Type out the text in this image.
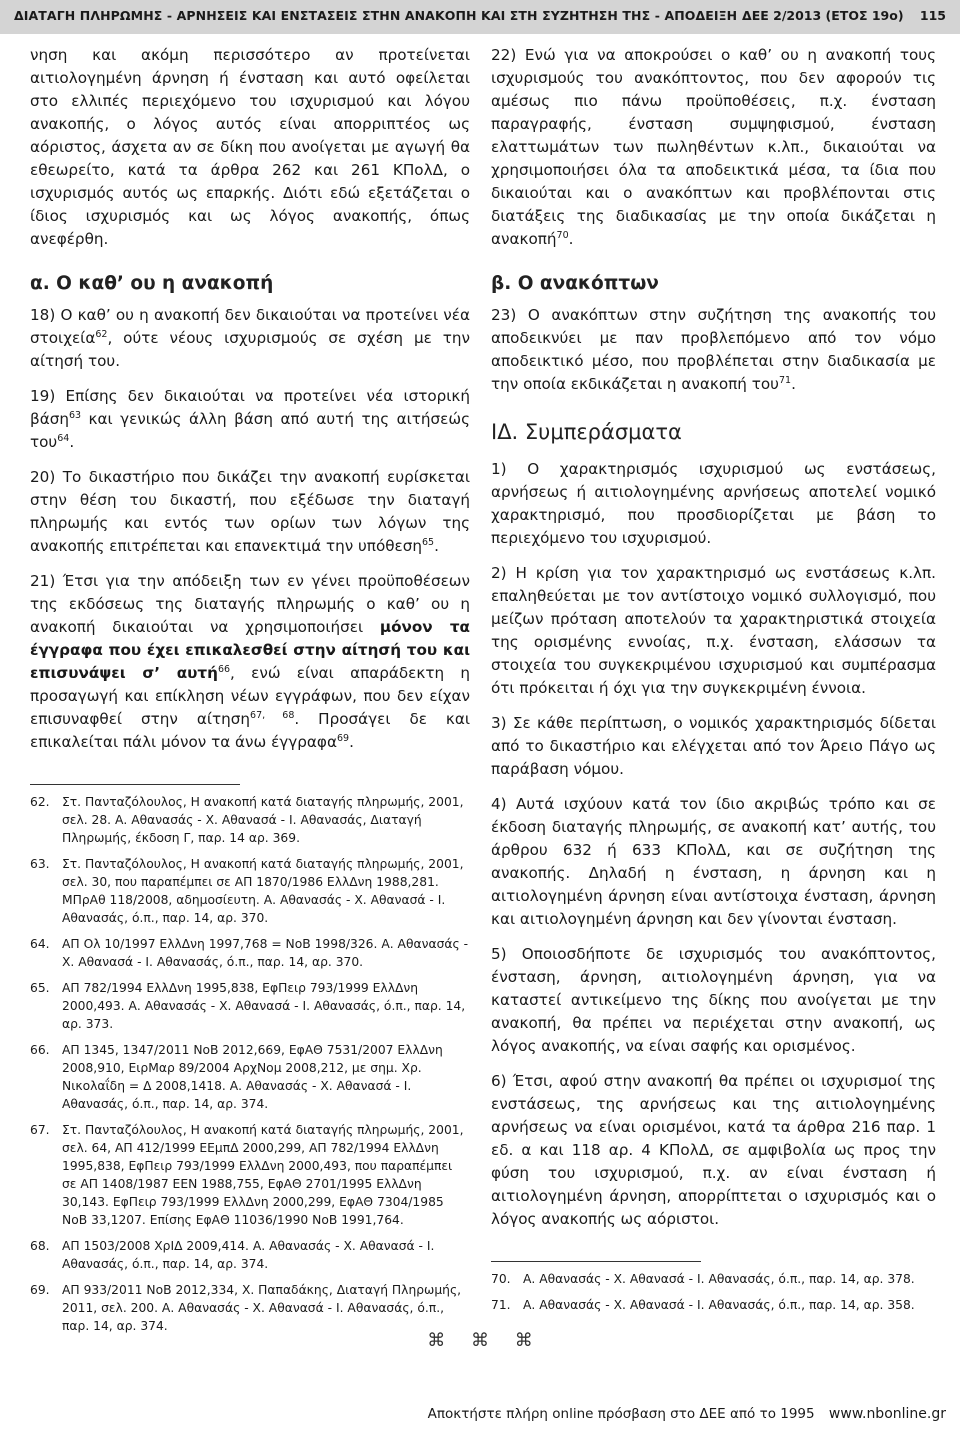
ΔΙΑΤΑΓΗ ΠΛΗΡΩΜΗΣ - ΑΡΝΗΣΕΙΣ ΚΑΙ ΕΝΣΤΑΣΕΙΣ ΣΤΗΝ ΑΝΑΚΟΠΗ ΚΑΙ ΣΤΗ ΣΥΖΗΤΗΣΗ ΤΗΣ - ΑΠΟΔΕΙΞΗ ΔΕΕ 2/2013 (ΕΤΟΣ 19ο) 115

νηση και ακόμη περισσότερο αν προτείνεται αιτιολογημένη άρνηση ή ένσταση και αυτό οφείλεται στο ελλιπές περιεχόμενο του ισχυρισμού και λόγου ανακοπής, ο λόγος αυτός είναι απορριπτέος ως αόριστος, άσχετα αν σε δίκη που ανοίγεται με αγωγή θα εθεωρείτο, κατά τα άρθρα 262 και 261 ΚΠολΔ, ο ισχυρισμός αυτός ως επαρκής. Διότι εδώ εξετάζεται ο ίδιος ισχυρισμός και ως λόγος ανακοπής, όπως ανεφέρθη.

α. Ο καθ’ ου η ανακοπή

18) Ο καθ’ ου η ανακοπή δεν δικαιούται να προτείνει νέα στοιχεία$^{62}$, ούτε νέους ισχυρισμούς σε σχέση με την αίτησή του.

19) Επίσης δεν δικαιούται να προτείνει νέα ιστορική βάση$^{63}$ και γενικώς άλλη βάση από αυτή της αιτήσεώς του$^{64}$.

20) Το δικαστήριο που δικάζει την ανακοπή ευρίσκεται στην θέση του δικαστή, που εξέδωσε την διαταγή πληρωμής και εντός των ορίων των λόγων της ανακοπής επιτρέπεται και επανεκτιμά την υπόθεση$^{65}$.

21) Έτσι για την απόδειξη των εν γένει προϋποθέσεων της εκδόσεως της διαταγής πληρωμής ο καθ’ ου η ανακοπή δικαιούται να χρησιμοποιήσει μόνον τα έγγραφα που έχει επικαλεσθεί στην αίτησή του και επισυνάψει σ’ αυτή$^{66}$, ενώ είναι απαράδεκτη η προσαγωγή και επίκληση νέων εγγράφων, που δεν είχαν επισυναφθεί στην αίτηση$^{67, 68}$. Προσάγει δε και επικαλείται πάλι μόνον τα άνω έγγραφα$^{69}$.

62. Στ. Πανταζόλουλος, Η ανακοπή κατά διαταγής πληρωμής, 2001, σελ. 28. Α. Αθανασάς - Χ. Αθανασά - Ι. Αθανασάς, Διαταγή Πληρωμής, έκδοση Γ, παρ. 14 αρ. 369.
63. Στ. Πανταζόλουλος, Η ανακοπή κατά διαταγής πληρωμής, 2001, σελ. 30, που παραπέμπει σε ΑΠ 1870/1986 ΕλλΔνη 1988,281. ΜΠρΑθ 118/2008, αδημοσίευτη. Α. Αθανασάς - Χ. Αθανασά - Ι. Αθανασάς, ό.π., παρ. 14, αρ. 370.
64. ΑΠ Ολ 10/1997 ΕλλΔνη 1997,768 = ΝοΒ 1998/326. Α. Αθανασάς - Χ. Αθανασά - Ι. Αθανασάς, ό.π., παρ. 14, αρ. 370.
65. ΑΠ 782/1994 ΕλλΔνη 1995,838, ΕφΠειρ 793/1999 ΕλλΔνη 2000,493. Α. Αθανασάς - Χ. Αθανασά - Ι. Αθανασάς, ό.π., παρ. 14, αρ. 373.
66. ΑΠ 1345, 1347/2011 ΝοΒ 2012,669, ΕφΑΘ 7531/2007 ΕλλΔνη 2008,910, ΕιρΜαρ 89/2004 ΑρχΝομ 2008,212, με σημ. Χρ. Νικολαΐδη = Δ 2008,1418. Α. Αθανασάς - Χ. Αθανασά - Ι. Αθανασάς, ό.π., παρ. 14, αρ. 374.
67. Στ. Πανταζόλουλος, Η ανακοπή κατά διαταγής πληρωμής, 2001, σελ. 64, ΑΠ 412/1999 ΕΕμπΔ 2000,299, ΑΠ 782/1994 ΕλλΔνη 1995,838, ΕφΠειρ 793/1999 ΕλλΔνη 2000,493, που παραπέμπει σε ΑΠ 1408/1987 ΕΕΝ 1988,755, ΕφΑΘ 2701/1995 ΕλλΔνη 30,143. ΕφΠειρ 793/1999 ΕλλΔνη 2000,299, ΕφΑΘ 7304/1985 ΝοΒ 33,1207. Επίσης ΕφΑΘ 11036/1990 ΝοΒ 1991,764.
68. ΑΠ 1503/2008 ΧρΙΔ 2009,414. Α. Αθανασάς - Χ. Αθανασά - Ι. Αθανασάς, ό.π., παρ. 14, αρ. 374.
69. ΑΠ 933/2011 ΝοΒ 2012,334, Χ. Παπαδάκης, Διαταγή Πληρωμής, 2011, σελ. 200. Α. Αθανασάς - Χ. Αθανασά - Ι. Αθανασάς, ό.π., παρ. 14, αρ. 374.

22) Ενώ για να αποκρούσει ο καθ’ ου η ανακοπή τους ισχυρισμούς του ανακόπτοντος, που δεν αφορούν τις αμέσως πιο πάνω προϋποθέσεις, π.χ. ένσταση παραγραφής, ένσταση συμψηφισμού, ένσταση ελαττωμάτων των πωληθέντων κ.λπ., δικαιούται να χρησιμοποιήσει όλα τα αποδεικτικά μέσα, τα ίδια που δικαιούται και ο ανακόπτων και προβλέπονται στις διατάξεις της διαδικασίας με την οποία δικάζεται η ανακοπή$^{70}$.

β. Ο ανακόπτων

23) Ο ανακόπτων στην συζήτηση της ανακοπής του αποδεικνύει με παν προβλεπόμενο από τον νόμο αποδεικτικό μέσο, που προβλέπεται στην διαδικασία με την οποία εκδικάζεται η ανακοπή του$^{71}$.

ΙΔ. Συμπεράσματα

1) Ο χαρακτηρισμός ισχυρισμού ως ενστάσεως, αρνήσεως ή αιτιολογημένης αρνήσεως αποτελεί νομικό χαρακτηρισμό, που προσδιορίζεται με βάση το περιεχόμενο του ισχυρισμού.

2) Η κρίση για τον χαρακτηρισμό ως ενστάσεως κ.λπ. επαληθεύεται με τον αντίστοιχο νομικό συλλογισμό, που μείζων πρόταση αποτελούν τα χαρακτηριστικά στοιχεία της ορισμένης εννοίας, π.χ. ένσταση, ελάσσων τα στοιχεία του συγκεκριμένου ισχυρισμού και συμπέρασμα ότι πρόκειται ή όχι για την συγκεκριμένη έννοια.

3) Σε κάθε περίπτωση, ο νομικός χαρακτηρισμός δίδεται από το δικαστήριο και ελέγχεται από τον Άρειο Πάγο ως παράβαση νόμου.

4) Αυτά ισχύουν κατά τον ίδιο ακριβώς τρόπο και σε έκδοση διαταγής πληρωμής, σε ανακοπή κατ’ αυτής, του άρθρου 632 ή 633 ΚΠολΔ, και σε συζήτηση της ανακοπής. Δηλαδή η ένσταση, η άρνηση και η αιτιολογημένη άρνηση είναι αντίστοιχα ένσταση, άρνηση και αιτιολογημένη άρνηση και δεν γίνονται ένσταση.

5) Οποιοσδήποτε δε ισχυρισμός του ανακόπτοντος, ένσταση, άρνηση, αιτιολογημένη άρνηση, για να καταστεί αντικείμενο της δίκης που ανοίγεται με την ανακοπή, θα πρέπει να περιέχεται στην ανακοπή, ως λόγος ανακοπής, να είναι σαφής και ορισμένος.

6) Έτσι, αφού στην ανακοπή θα πρέπει οι ισχυρισμοί της ενστάσεως, της αρνήσεως και της αιτιολογημένης αρνήσεως να είναι ορισμένοι, κατά τα άρθρα 216 παρ. 1 εδ. α και 118 αρ. 4 ΚΠολΔ, σε αμφιβολία ως προς την φύση του ισχυρισμού, π.χ. αν είναι ένσταση ή αιτιολογημένη άρνηση, απορρίπτεται ο ισχυρισμός και ο λόγος ανακοπής ως αόριστοι.

70. Α. Αθανασάς - Χ. Αθανασά - Ι. Αθανασάς, ό.π., παρ. 14, αρ. 378.
71. Α. Αθανασάς - Χ. Αθανασά - Ι. Αθανασάς, ό.π., παρ. 14, αρ. 358.
⌘ ⌘ ⌘
Αποκτήστε πλήρη online πρόσβαση στο ΔΕΕ από το 1995 www.nbonline.gr
